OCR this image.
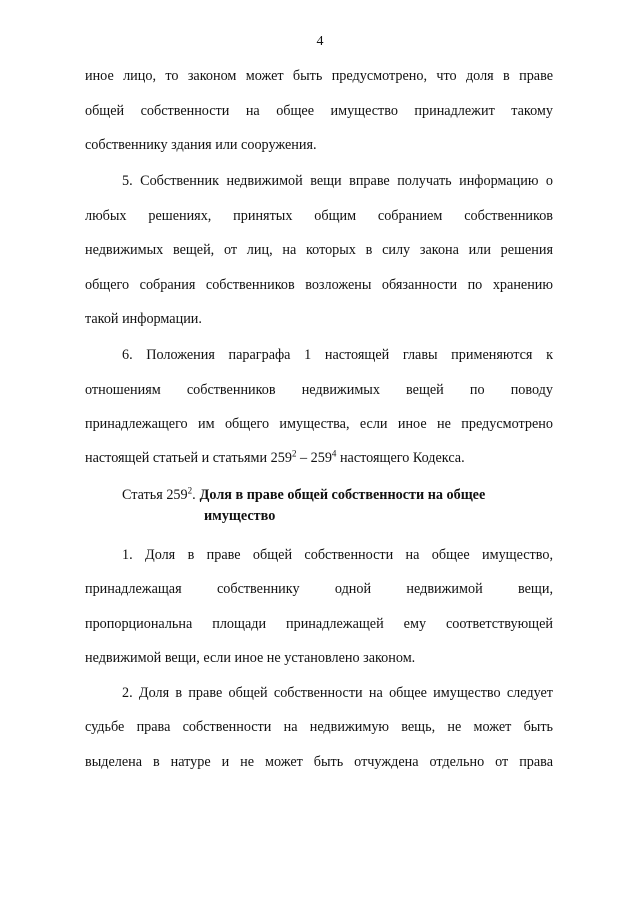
4
иное лицо, то законом может быть предусмотрено, что доля в праве
общей собственности на общее имущество принадлежит такому
собственнику здания или сооружения.
5. Собственник недвижимой вещи вправе получать информацию о
любых решениях, принятых общим собранием собственников
недвижимых вещей, от лиц, на которых в силу закона или решения
общего собрания собственников возложены обязанности по хранению
такой информации.
6. Положения параграфа 1 настоящей главы применяются к
отношениям собственников недвижимых вещей по поводу
принадлежащего им общего имущества, если иное не предусмотрено
настоящей статьей и статьями $259^2 - 259^4$ настоящего Кодекса.
Статья $259^2$. Доля в праве общей собственности на общее
имущество
1. Доля в праве общей собственности на общее имущество,
принадлежащая собственнику одной недвижимой вещи,
пропорциональна площади принадлежащей ему соответствующей
недвижимой вещи, если иное не установлено законом.
2. Доля в праве общей собственности на общее имущество следует
судьбе права собственности на недвижимую вещь, не может быть
выделена в натуре и не может быть отчуждена отдельно от права
